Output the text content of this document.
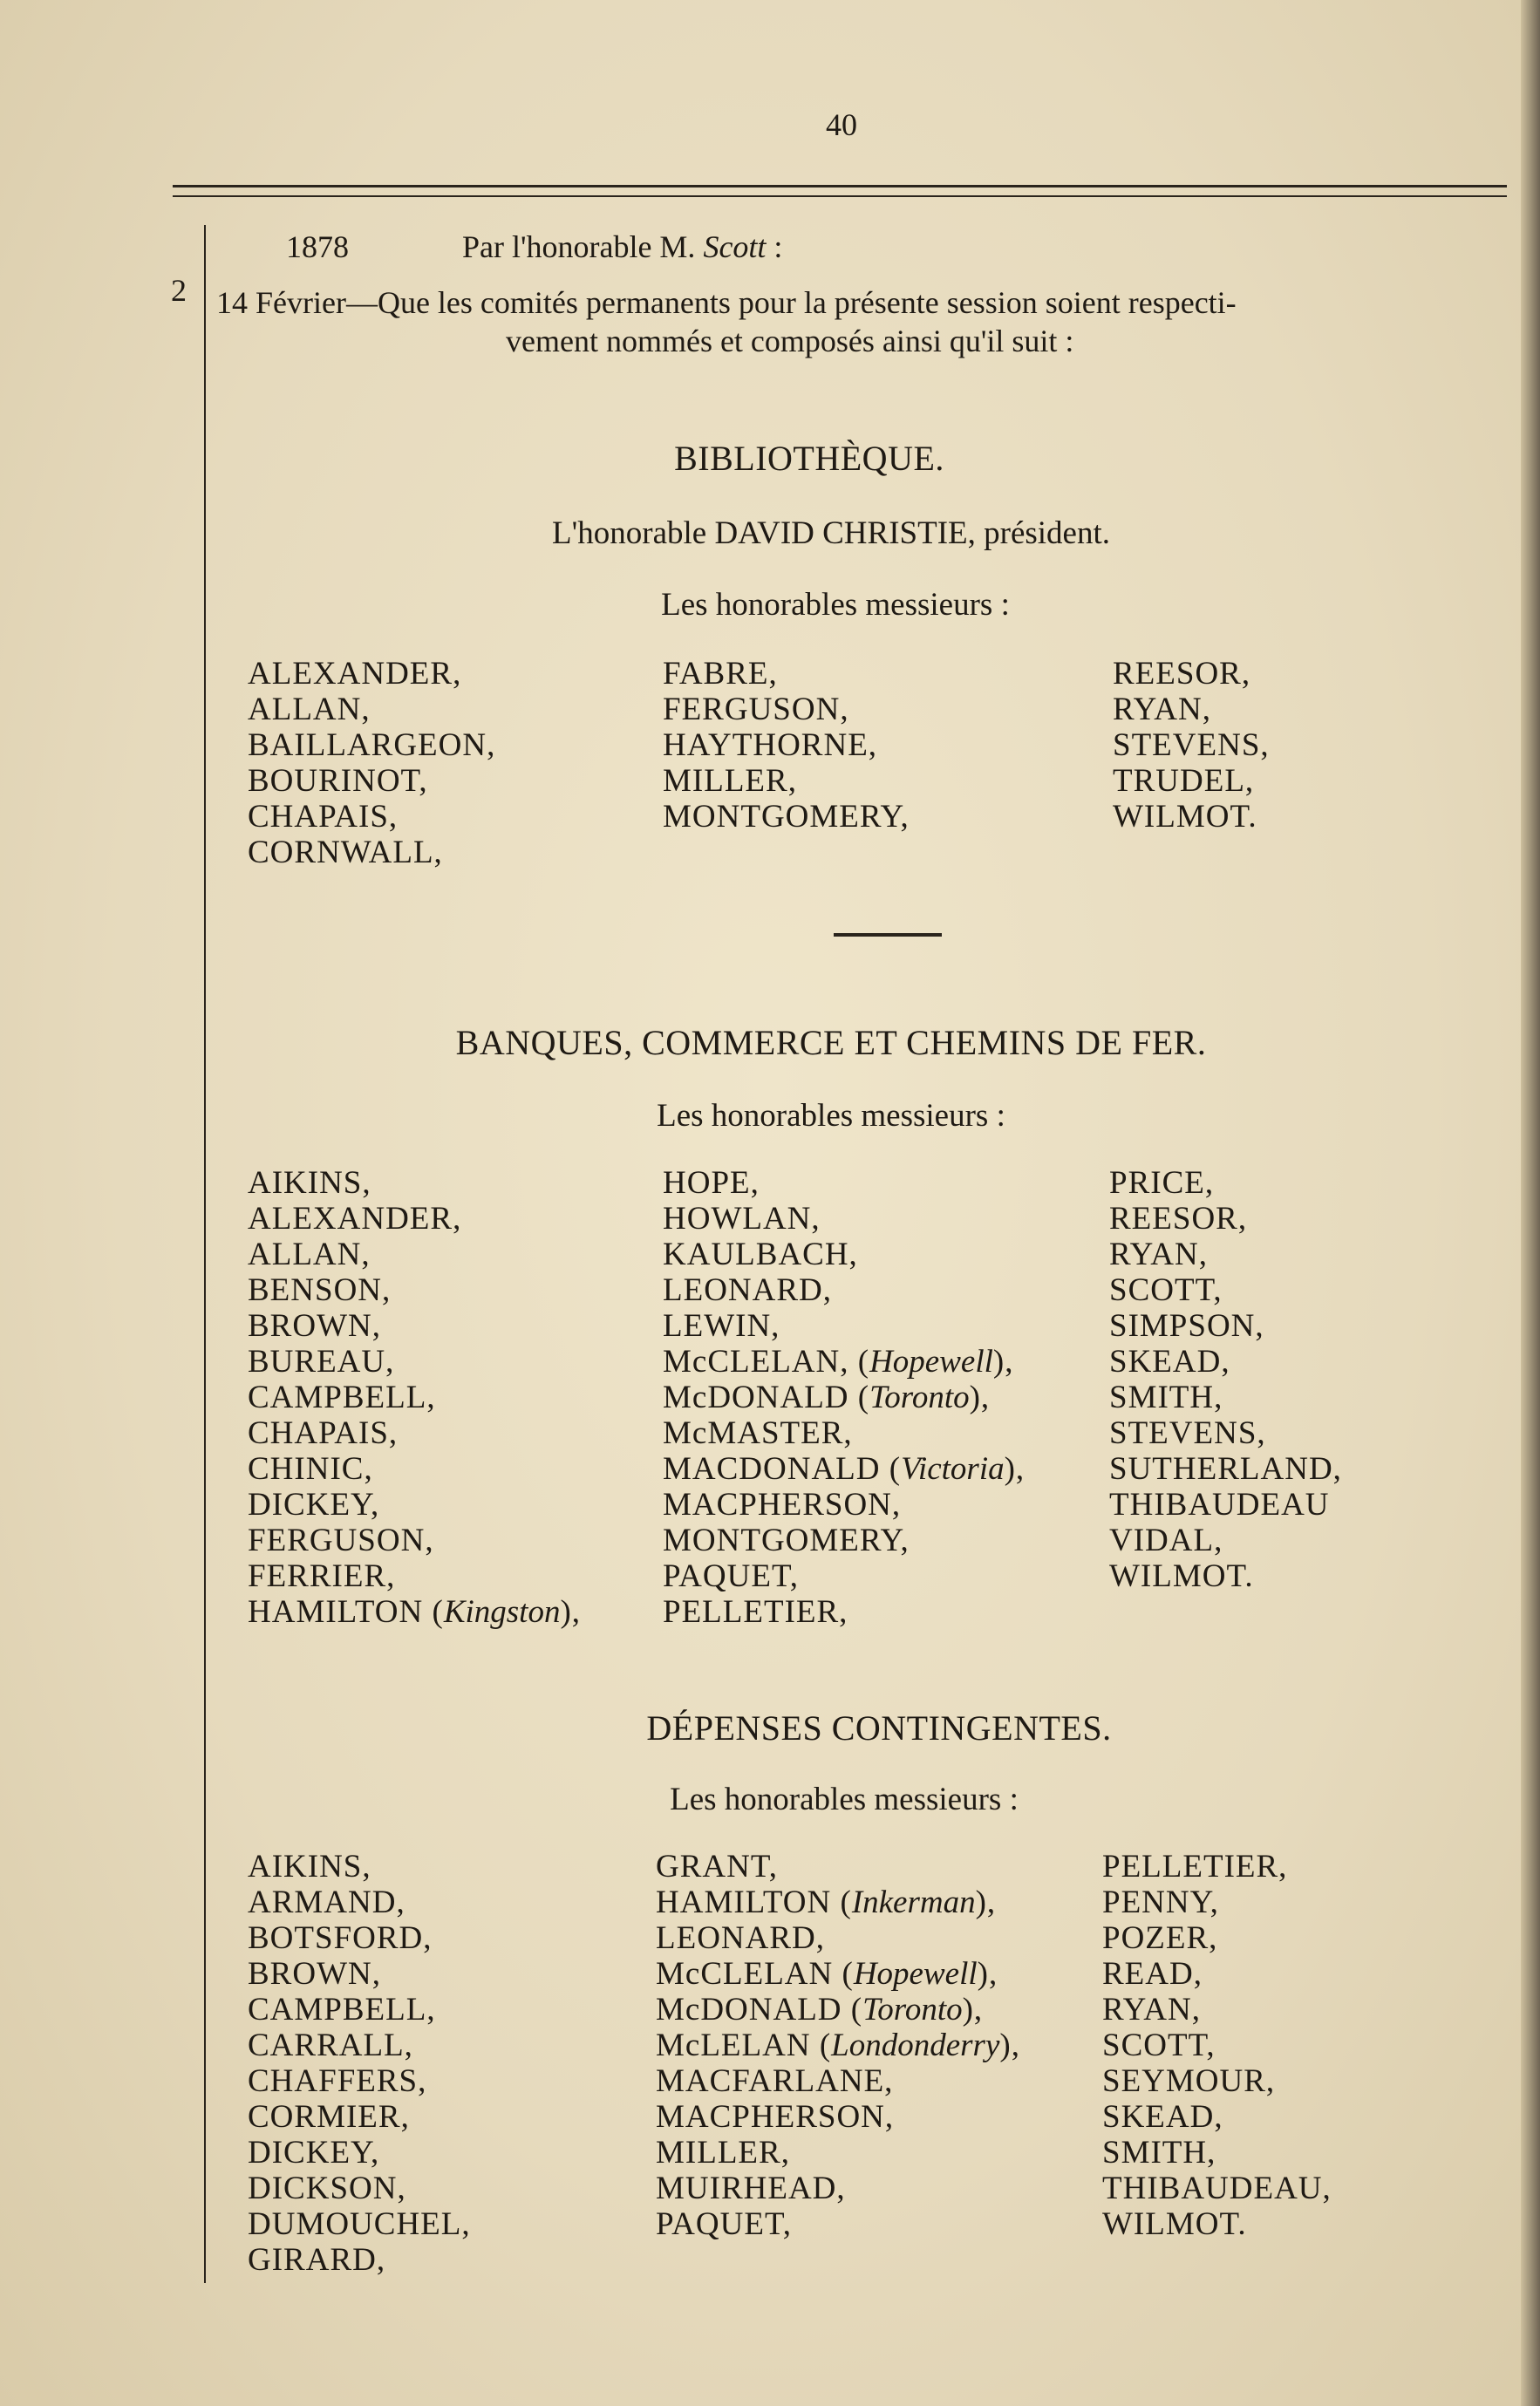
40
2
1878	Par l'honorable M. Scott :
14 Février—Que les comités permanents pour la présente session soient respecti-
vement nommés et composés ainsi qu'il suit :
BIBLIOTHÈQUE.
L'honorable DAVID CHRISTIE, président.
Les honorables messieurs :
ALEXANDER,
ALLAN,
BAILLARGEON,
BOURINOT,
CHAPAIS,
CORNWALL,
FABRE,
FERGUSON,
HAYTHORNE,
MILLER,
MONTGOMERY,
REESOR,
RYAN,
STEVENS,
TRUDEL,
WILMOT.
BANQUES, COMMERCE ET CHEMINS DE FER.
Les honorables messieurs :
AIKINS,
ALEXANDER,
ALLAN,
BENSON,
BROWN,
BUREAU,
CAMPBELL,
CHAPAIS,
CHINIC,
DICKEY,
FERGUSON,
FERRIER,
HAMILTON (Kingston),
HOPE,
HOWLAN,
KAULBACH,
LEONARD,
LEWIN,
McCLELAN, (Hopewell),
McDONALD (Toronto),
McMASTER,
MACDONALD (Victoria),
MACPHERSON,
MONTGOMERY,
PAQUET,
PELLETIER,
PRICE,
REESOR,
RYAN,
SCOTT,
SIMPSON,
SKEAD,
SMITH,
STEVENS,
SUTHERLAND,
THIBAUDEAU
VIDAL,
WILMOT.
DÉPENSES CONTINGENTES.
Les honorables messieurs :
AIKINS,
ARMAND,
BOTSFORD,
BROWN,
CAMPBELL,
CARRALL,
CHAFFERS,
CORMIER,
DICKEY,
DICKSON,
DUMOUCHEL,
GIRARD,
GRANT,
HAMILTON (Inkerman),
LEONARD,
McCLELAN (Hopewell),
McDONALD (Toronto),
McLELAN (Londonderry),
MACFARLANE,
MACPHERSON,
MILLER,
MUIRHEAD,
PAQUET,
PELLETIER,
PENNY,
POZER,
READ,
RYAN,
SCOTT,
SEYMOUR,
SKEAD,
SMITH,
THIBAUDEAU,
WILMOT.
